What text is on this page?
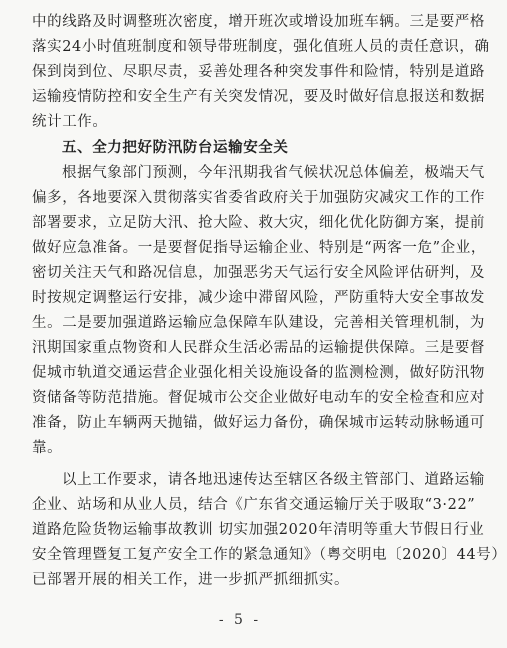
中的线路及时调整班次密度，增开班次或增设加班车辆。三是要严格
落实24小时值班制度和领导带班制度，强化值班人员的责任意识，确
保到岗到位、尽职尽责，妥善处理各种突发事件和险情，特别是道路
运输疫情防控和安全生产有关突发情况，要及时做好信息报送和数据
统计工作。
五、全力把好防汛防台运输安全关
根据气象部门预测，今年汛期我省气候状况总体偏差，极端天气
偏多，各地要深入贯彻落实省委省政府关于加强防灾减灾工作的工作
部署要求，立足防大汛、抢大险、救大灾，细化优化防御方案，提前
做好应急准备。一是要督促指导运输企业、特别是“两客一危”企业，
密切关注天气和路况信息，加强恶劣天气运行安全风险评估研判，及
时按规定调整运行安排，减少途中滞留风险，严防重特大安全事故发
生。二是要加强道路运输应急保障车队建设，完善相关管理机制，为
汛期国家重点物资和人民群众生活必需品的运输提供保障。三是要督
促城市轨道交通运营企业强化相关设施设备的监测检测，做好防汛物
资储备等防范措施。督促城市公交企业做好电动车的安全检查和应对
准备，防止车辆两天抛锚，做好运力备份，确保城市运转动脉畅通可
靠。
以上工作要求，请各地迅速传达至辖区各级主管部门、道路运输
企业、站场和从业人员，结合《广东省交通运输厅关于吸取“3·22”
道路危险货物运输事故教训 切实加强2020年清明等重大节假日行业
安全管理暨复工复产安全工作的紧急通知》（粤交明电〔2020〕44号）
已部署开展的相关工作，进一步抓严抓细抓实。
- 5 -
